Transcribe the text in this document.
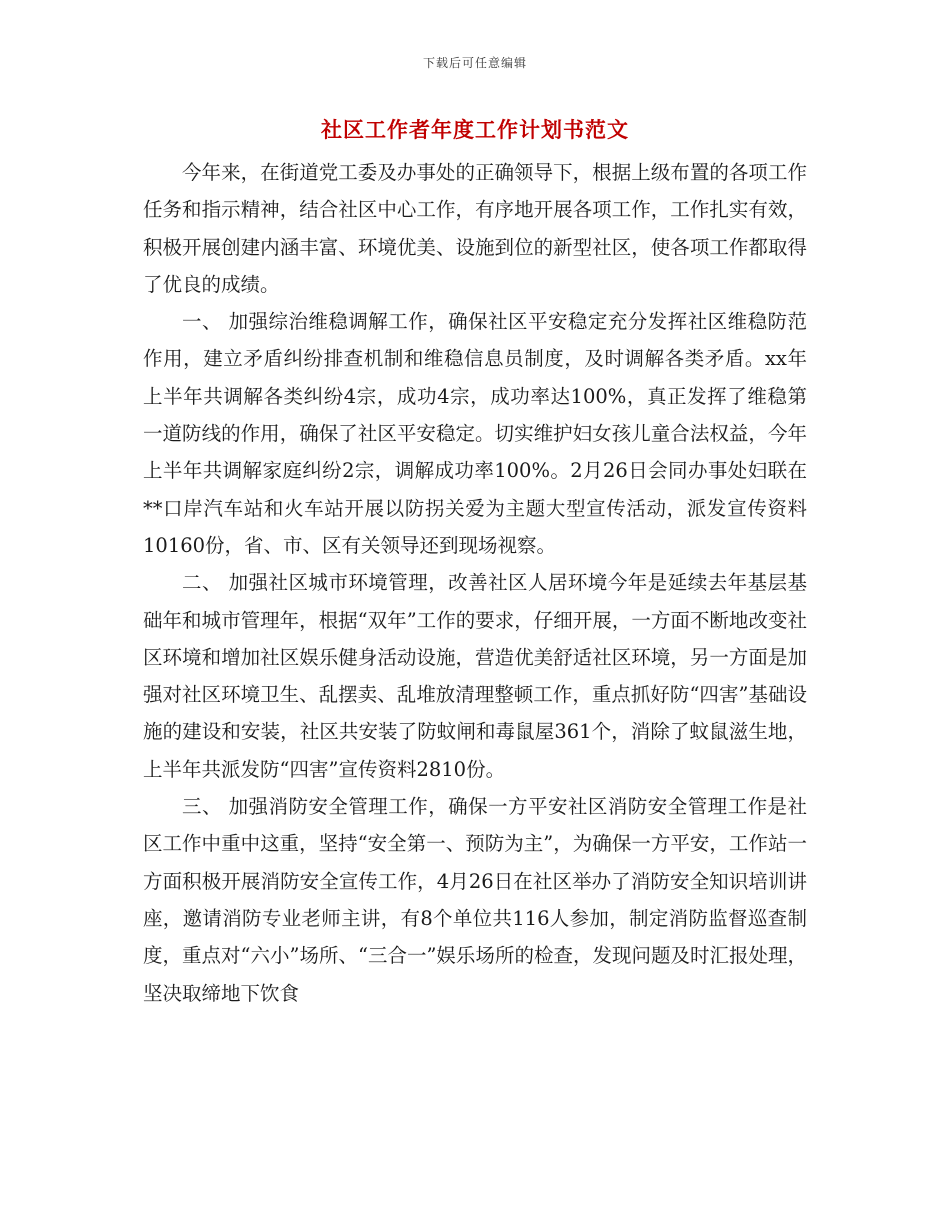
下载后可任意编辑
社区工作者年度工作计划书范文

今年来，在街道党工委及办事处的正确领导下，根据上级布置的各项工作任务和指示精神，结合社区中心工作，有序地开展各项工作，工作扎实有效，积极开展创建内涵丰富、环境优美、设施到位的新型社区，使各项工作都取得了优良的成绩。

一、 加强综治维稳调解工作，确保社区平安稳定充分发挥社区维稳防范作用，建立矛盾纠纷排查机制和维稳信息员制度，及时调解各类矛盾。xx年上半年共调解各类纠纷4宗，成功4宗，成功率达100%，真正发挥了维稳第一道防线的作用，确保了社区平安稳定。切实维护妇女孩儿童合法权益，今年上半年共调解家庭纠纷2宗，调解成功率100%。2月26日会同办事处妇联在**口岸汽车站和火车站开展以防拐关爱为主题大型宣传活动，派发宣传资料10160份，省、市、区有关领导还到现场视察。

二、 加强社区城市环境管理，改善社区人居环境今年是延续去年基层基础年和城市管理年，根据“双年”工作的要求，仔细开展，一方面不断地改变社区环境和增加社区娱乐健身活动设施，营造优美舒适社区环境，另一方面是加强对社区环境卫生、乱摆卖、乱堆放清理整顿工作，重点抓好防“四害”基础设施的建设和安装，社区共安装了防蚊闸和毒鼠屋361个，消除了蚊鼠滋生地，上半年共派发防“四害”宣传资料2810份。

三、 加强消防安全管理工作，确保一方平安社区消防安全管理工作是社区工作中重中这重，坚持“安全第一、预防为主”，为确保一方平安，工作站一方面积极开展消防安全宣传工作，4月26日在社区举办了消防安全知识培训讲座，邀请消防专业老师主讲，有8个单位共116人参加，制定消防监督巡查制度，重点对“六小”场所、“三合一”娱乐场所的检查，发现问题及时汇报处理，坚决取缔地下饮食
